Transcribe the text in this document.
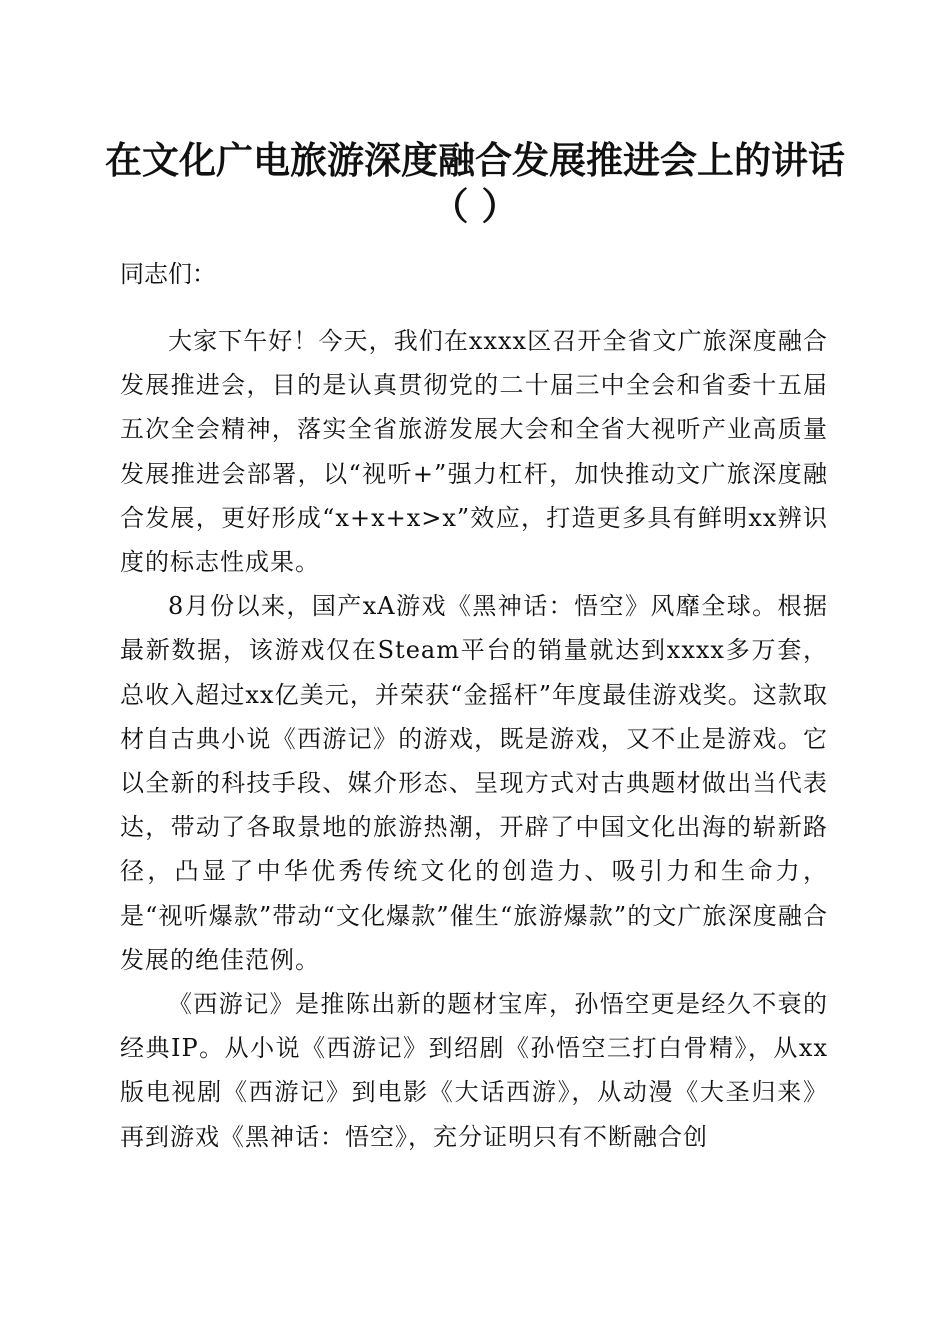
在文化广电旅游深度融合发展推进会上的讲话
（ ）

同志们：

大家下午好！今天，我们在xxxx区召开全省文广旅深度融合发展推进会，目的是认真贯彻党的二十届三中全会和省委十五届五次全会精神，落实全省旅游发展大会和全省大视听产业高质量发展推进会部署，以“视听+”强力杠杆，加快推动文广旅深度融合发展，更好形成“x+x+x>x”效应，打造更多具有鲜明xx辨识度的标志性成果。

8月份以来，国产xA游戏《黑神话：悟空》风靡全球。根据最新数据，该游戏仅在Steam平台的销量就达到xxxx多万套，总收入超过xx亿美元，并荣获“金摇杆”年度最佳游戏奖。这款取材自古典小说《西游记》的游戏，既是游戏，又不止是游戏。它以全新的科技手段、媒介形态、呈现方式对古典题材做出当代表达，带动了各取景地的旅游热潮，开辟了中国文化出海的崭新路径，凸显了中华优秀传统文化的创造力、吸引力和生命力，是“视听爆款”带动“文化爆款”催生“旅游爆款”的文广旅深度融合发展的绝佳范例。

《西游记》是推陈出新的题材宝库，孙悟空更是经久不衰的经典IP。从小说《西游记》到绍剧《孙悟空三打白骨精》，从xx版电视剧《西游记》到电影《大话西游》，从动漫《大圣归来》再到游戏《黑神话：悟空》，充分证明只有不断融合创
